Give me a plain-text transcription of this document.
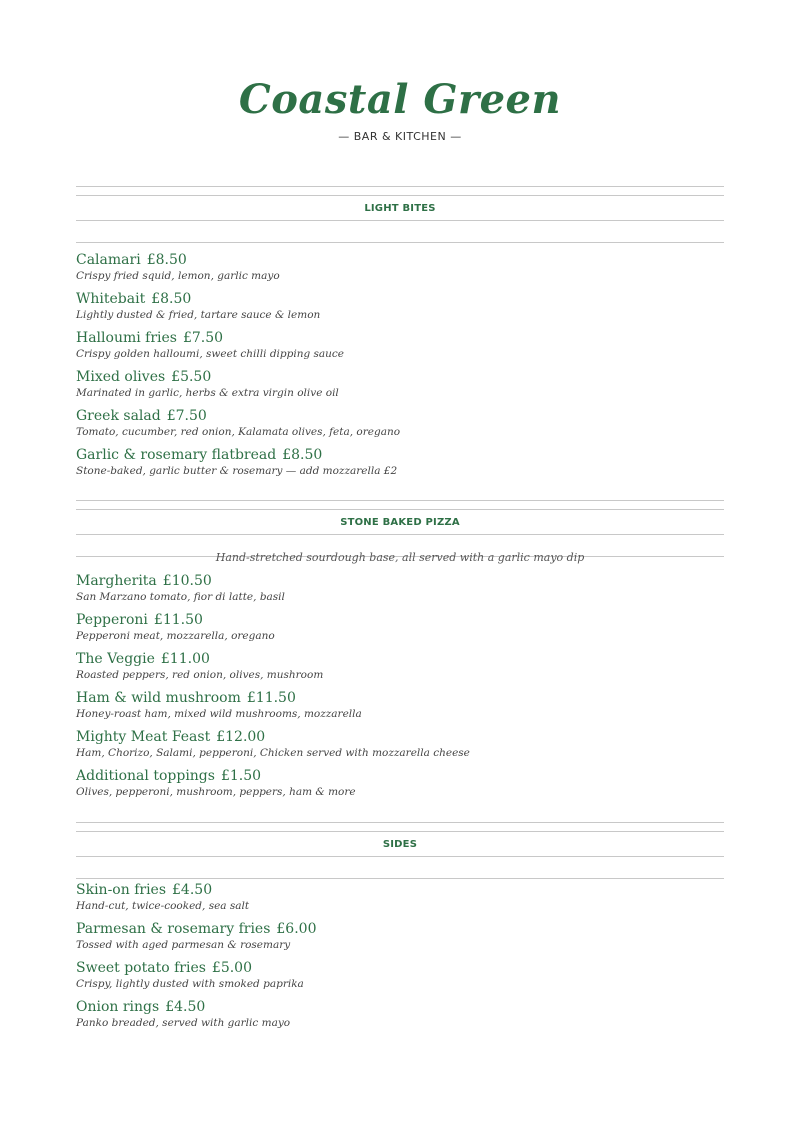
Coastal Green
— BAR & KITCHEN —
LIGHT BITES
Calamari £8.50
Crispy fried squid, lemon, garlic mayo
Whitebait £8.50
Lightly dusted & fried, tartare sauce & lemon
Halloumi fries £7.50
Crispy golden halloumi, sweet chilli dipping sauce
Mixed olives £5.50
Marinated in garlic, herbs & extra virgin olive oil
Greek salad £7.50
Tomato, cucumber, red onion, Kalamata olives, feta, oregano
Garlic & rosemary flatbread £8.50
Stone-baked, garlic butter & rosemary — add mozzarella £2
STONE BAKED PIZZA
Hand-stretched sourdough base, all served with a garlic mayo dip
Margherita £10.50
San Marzano tomato, fior di latte, basil
Pepperoni £11.50
Pepperoni meat, mozzarella, oregano
The Veggie £11.00
Roasted peppers, red onion, olives, mushroom
Ham & wild mushroom £11.50
Honey-roast ham, mixed wild mushrooms, mozzarella
Mighty Meat Feast £12.00
Ham, Chorizo, Salami, pepperoni, Chicken served with mozzarella cheese
Additional toppings £1.50
Olives, pepperoni, mushroom, peppers, ham & more
SIDES
Skin-on fries £4.50
Hand-cut, twice-cooked, sea salt
Parmesan & rosemary fries £6.00
Tossed with aged parmesan & rosemary
Sweet potato fries £5.00
Crispy, lightly dusted with smoked paprika
Onion rings £4.50
Panko breaded, served with garlic mayo
